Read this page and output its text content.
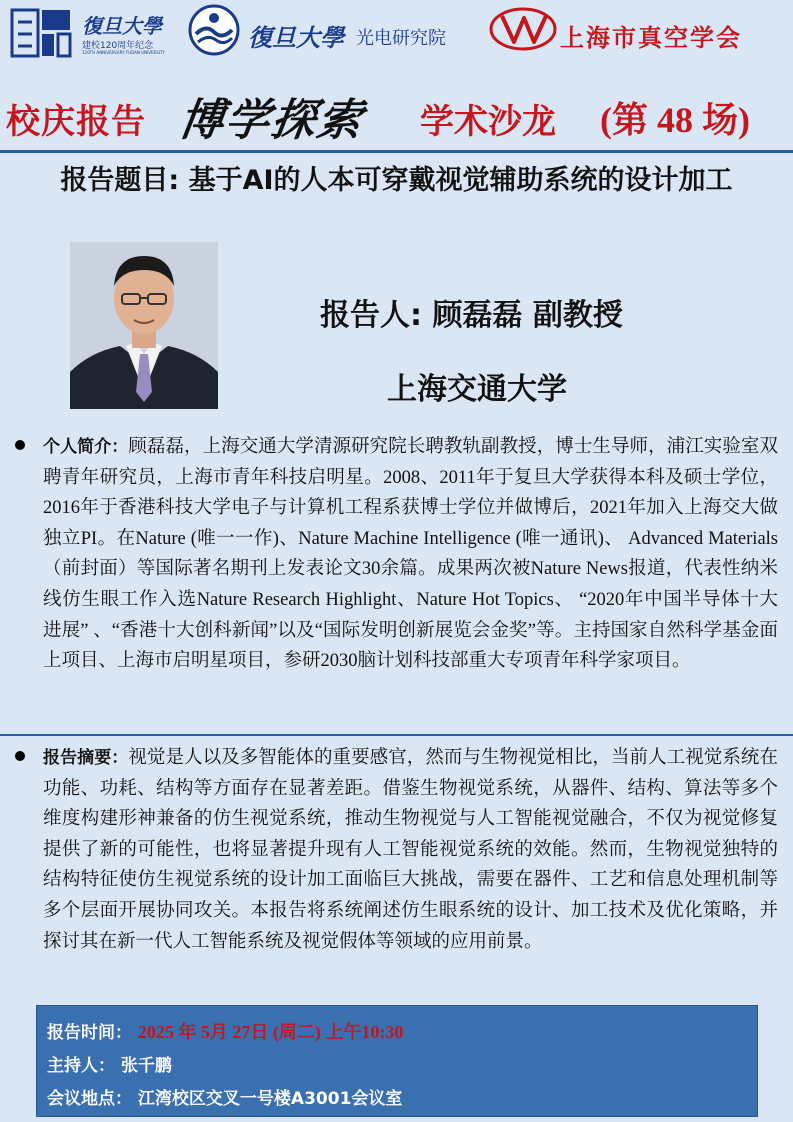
復旦大學
建校120周年纪念
120TH ANNIVERSARY FUDAN UNIVERSITY
復旦大學 光电研究院	上海市真空学会
校庆报告 博学探索 学术沙龙 (第 48 场)
报告题目: 基于AI的人本可穿戴视觉辅助系统的设计加工
报告人: 顾磊磊 副教授
上海交通大学
个人简介：顾磊磊，上海交通大学清源研究院长聘教轨副教授，博士生导师，浦江实验室双聘青年研究员，上海市青年科技启明星。2008、2011年于复旦大学获得本科及硕士学位，2016年于香港科技大学电子与计算机工程系获博士学位并做博后，2021年加入上海交大做独立PI。在Nature (唯一一作)、Nature Machine Intelligence (唯一通讯)、 Advanced Materials（前封面）等国际著名期刊上发表论文30余篇。成果两次被Nature News报道，代表性纳米线仿生眼工作入选Nature Research Highlight、Nature Hot Topics、 “2020年中国半导体十大进展” 、“香港十大创科新闻”以及“国际发明创新展览会金奖”等。主持国家自然科学基金面上项目、上海市启明星项目，参研2030脑计划科技部重大专项青年科学家项目。
报告摘要：视觉是人以及多智能体的重要感官，然而与生物视觉相比，当前人工视觉系统在功能、功耗、结构等方面存在显著差距。借鉴生物视觉系统，从器件、结构、算法等多个维度构建形神兼备的仿生视觉系统，推动生物视觉与人工智能视觉融合，不仅为视觉修复提供了新的可能性，也将显著提升现有人工智能视觉系统的效能。然而，生物视觉独特的结构特征使仿生视觉系统的设计加工面临巨大挑战，需要在器件、工艺和信息处理机制等多个层面开展协同攻关。本报告将系统阐述仿生眼系统的设计、加工技术及优化策略，并探讨其在新一代人工智能系统及视觉假体等领域的应用前景。
报告时间： 2025 年 5月 27日 (周二) 上午10:30
主持人： 张千鹏
会议地点： 江湾校区交叉一号楼A3001会议室
